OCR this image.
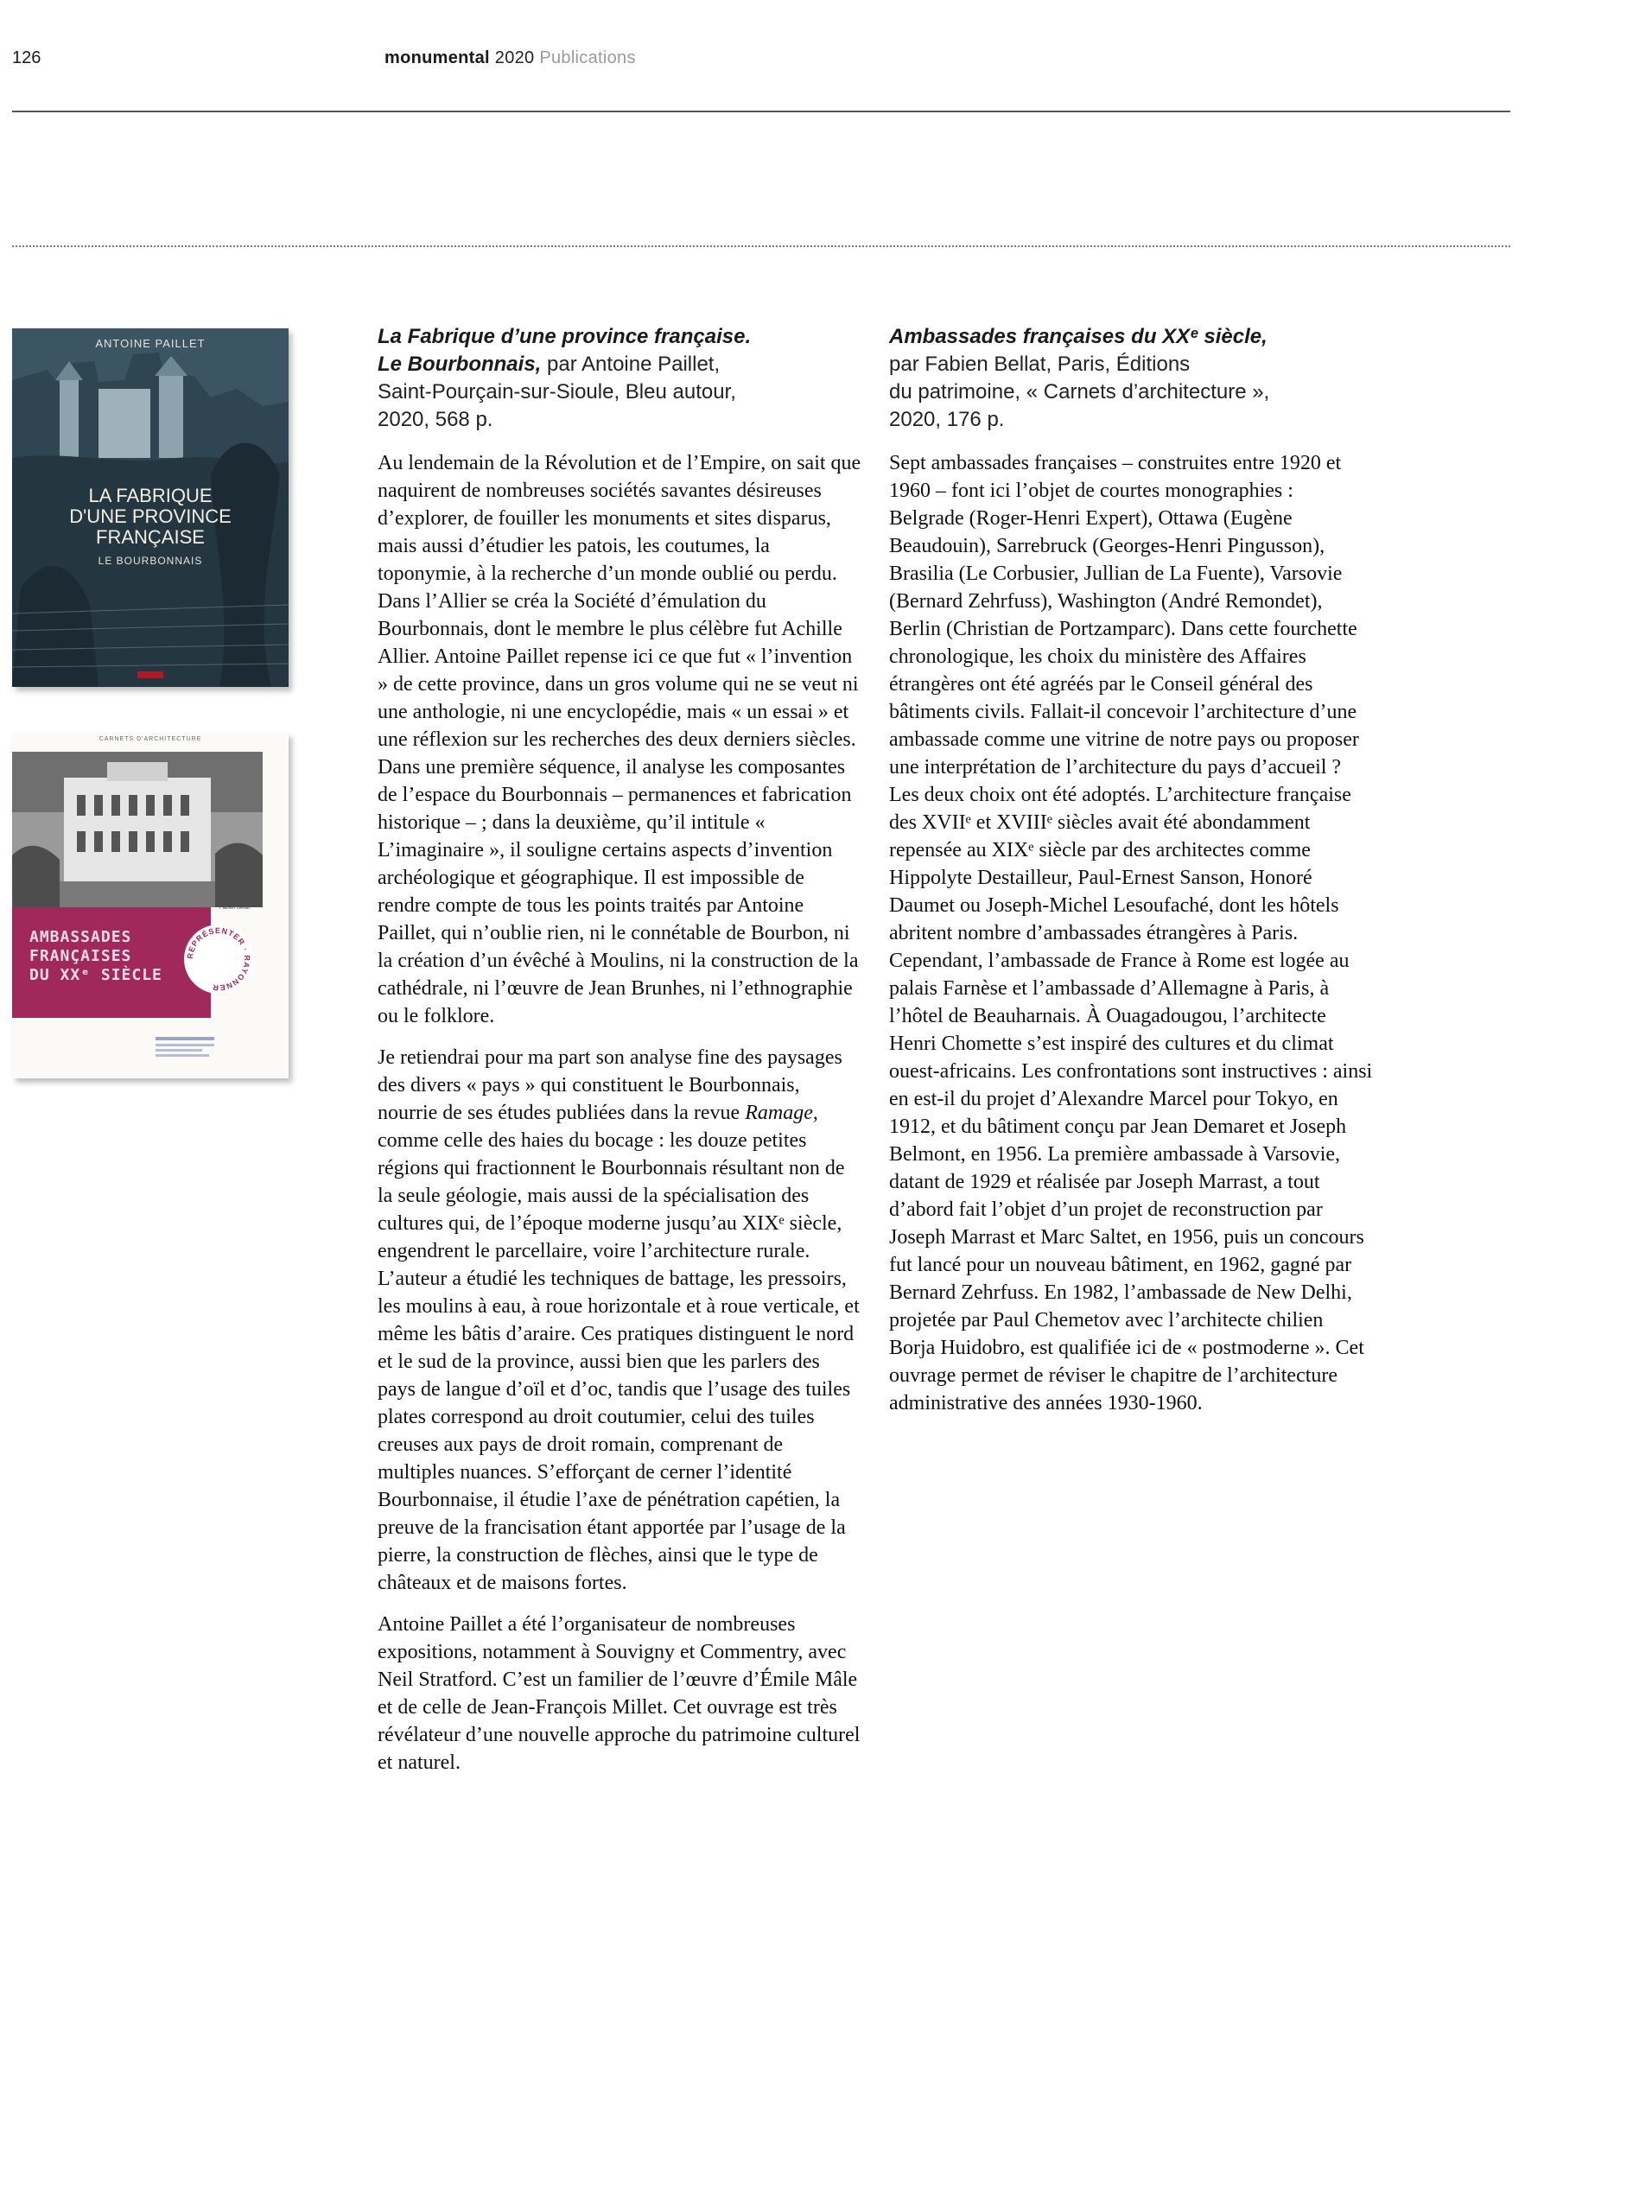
126	monumental 2020 Publications
ANTOINE PAILLET
LA FABRIQUE
D'UNE PROVINCE
FRANÇAISE
LE BOURBONNAIS
CARNETS D'ARCHITECTURE
Fabien Bellat
AMBASSADES
FRANÇAISES
DU XXᵉ SIÈCLE
REPRÉSENTER · RAYONNER
La Fabrique d’une province française.
Le Bourbonnais, par Antoine Paillet,
Saint-Pourçain-sur-Sioule, Bleu autour,
2020, 568 p.

Au lendemain de la Révolution et de l’Empire, on sait que naquirent de nombreuses sociétés savantes désireuses d’explorer, de fouiller les monuments et sites disparus, mais aussi d’étudier les patois, les coutumes, la toponymie, à la recherche d’un monde oublié ou perdu. Dans l’Allier se créa la Société d’émulation du Bourbonnais, dont le membre le plus célèbre fut Achille Allier. Antoine Paillet repense ici ce que fut « l’invention » de cette province, dans un gros volume qui ne se veut ni une anthologie, ni une encyclopédie, mais « un essai » et une réflexion sur les recherches des deux derniers siècles. Dans une première séquence, il analyse les composantes de l’espace du Bourbonnais – permanences et fabrication historique – ; dans la deuxième, qu’il intitule « L’imaginaire », il souligne certains aspects d’invention archéologique et géographique. Il est impossible de rendre compte de tous les points traités par Antoine Paillet, qui n’oublie rien, ni le connétable de Bourbon, ni la création d’un évêché à Moulins, ni la construction de la cathédrale, ni l’œuvre de Jean Brunhes, ni l’ethnographie ou le folklore.

Je retiendrai pour ma part son analyse fine des paysages des divers « pays » qui constituent le Bourbonnais, nourrie de ses études publiées dans la revue Ramage, comme celle des haies du bocage : les douze petites régions qui fractionnent le Bourbonnais résultant non de la seule géologie, mais aussi de la spécialisation des cultures qui, de l’époque moderne jusqu’au XIXᵉ siècle, engendrent le parcellaire, voire l’architecture rurale. L’auteur a étudié les techniques de battage, les pressoirs, les moulins à eau, à roue horizontale et à roue verticale, et même les bâtis d’araire. Ces pratiques distinguent le nord et le sud de la province, aussi bien que les parlers des pays de langue d’oïl et d’oc, tandis que l’usage des tuiles plates correspond au droit coutumier, celui des tuiles creuses aux pays de droit romain, comprenant de multiples nuances. S’efforçant de cerner l’identité Bourbonnaise, il étudie l’axe de pénétration capétien, la preuve de la francisation étant apportée par l’usage de la pierre, la construction de flèches, ainsi que le type de châteaux et de maisons fortes.

Antoine Paillet a été l’organisateur de nombreuses expositions, notamment à Souvigny et Commentry, avec Neil Stratford. C’est un familier de l’œuvre d’Émile Mâle et de celle de Jean-François Millet. Cet ouvrage est très révélateur d’une nouvelle approche du patrimoine culturel et naturel.

Ambassades françaises du XXᵉ siècle,
par Fabien Bellat, Paris, Éditions
du patrimoine, « Carnets d’architecture »,
2020, 176 p.

Sept ambassades françaises – construites entre 1920 et 1960 – font ici l’objet de courtes monographies : Belgrade (Roger-Henri Expert), Ottawa (Eugène Beaudouin), Sarrebruck (Georges-Henri Pingusson), Brasilia (Le Corbusier, Jullian de La Fuente), Varsovie (Bernard Zehrfuss), Washington (André Remondet), Berlin (Christian de Portzamparc). Dans cette fourchette chronologique, les choix du ministère des Affaires étrangères ont été agréés par le Conseil général des bâtiments civils. Fallait-il concevoir l’architecture d’une ambassade comme une vitrine de notre pays ou proposer une interprétation de l’architecture du pays d’accueil ? Les deux choix ont été adoptés. L’architecture française des XVIIᵉ et XVIIIᵉ siècles avait été abondamment repensée au XIXᵉ siècle par des architectes comme Hippolyte Destailleur, Paul-Ernest Sanson, Honoré Daumet ou Joseph-Michel Lesoufaché, dont les hôtels abritent nombre d’ambassades étrangères à Paris. Cependant, l’ambassade de France à Rome est logée au palais Farnèse et l’ambassade d’Allemagne à Paris, à l’hôtel de Beauharnais. À Ouagadougou, l’architecte Henri Chomette s’est inspiré des cultures et du climat ouest-africains. Les confrontations sont instructives : ainsi en est-il du projet d’Alexandre Marcel pour Tokyo, en 1912, et du bâtiment conçu par Jean Demaret et Joseph Belmont, en 1956. La première ambassade à Varsovie, datant de 1929 et réalisée par Joseph Marrast, a tout d’abord fait l’objet d’un projet de reconstruction par Joseph Marrast et Marc Saltet, en 1956, puis un concours fut lancé pour un nouveau bâtiment, en 1962, gagné par Bernard Zehrfuss. En 1982, l’ambassade de New Delhi, projetée par Paul Chemetov avec l’architecte chilien Borja Huidobro, est qualifiée ici de « postmoderne ». Cet ouvrage permet de réviser le chapitre de l’architecture administrative des années 1930-1960.
